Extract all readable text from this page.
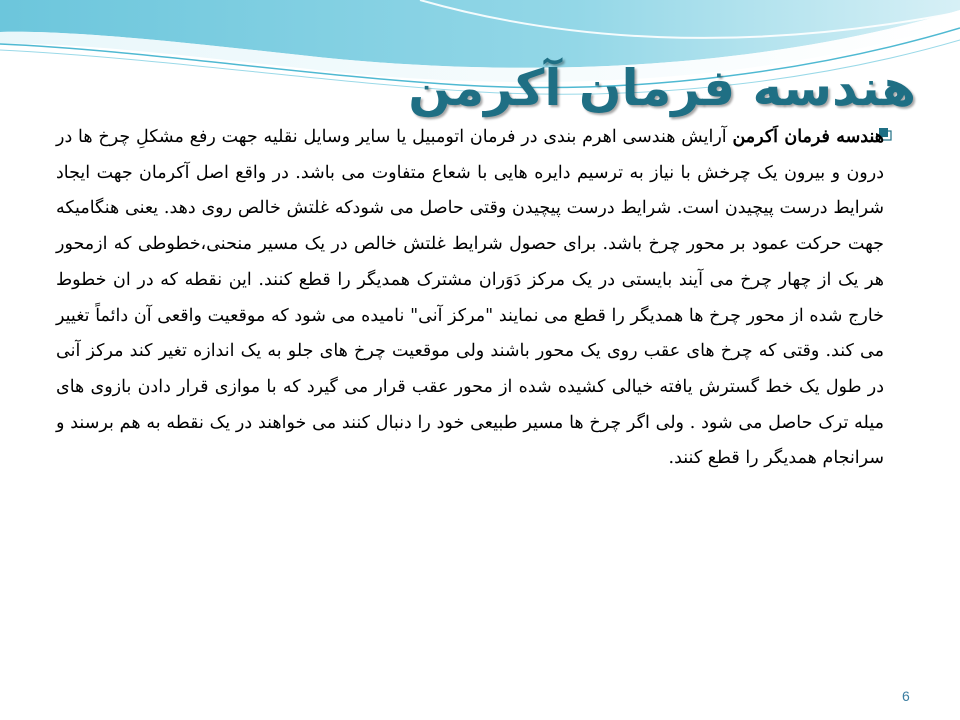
هندسه فرمان آکرمن

هندسه فرمان اَکرمن آرایش هندسی اهرم بندی در فرمان اتومبیل یا سایر وسایل نقلیه جهت رفع مشکلِ چرخ ها در درون و بیرون یک چرخش با نیاز به ترسیم دایره هایی با شعاع متفاوت می باشد. در واقع اصل آکرمان جهت ایجاد شرایط درست پیچیدن است. شرایط درست پیچیدن وقتی حاصل می شودکه غلتش خالص روی دهد. یعنی هنگامیکه جهت حرکت عمود بر محور چرخ باشد. برای حصول شرایط غلتش خالص در یک مسیر منحنی،خطوطی که ازمحور هر یک از چهار چرخ می آیند بایستی در یک مرکز دَوَران مشترک همدیگر را قطع کنند. این نقطه که در ان خطوط خارج شده از محور چرخ ها همدیگر را قطع می نمایند "مرکز آنی" نامیده می شود که موقعیت واقعی آن دائماً تغییر می کند. وقتی که چرخ های عقب روی یک محور باشند ولی موقعیت چرخ های جلو به یک اندازه تغیر کند مرکز آنی در طول یک خط گسترش یافته خیالی کشیده شده از محور عقب قرار می گیرد که با موازی قرار دادن بازوی های میله ترک حاصل می شود . ولی اگر چرخ ها مسیر طبیعی خود را دنبال کنند می خواهند در یک نقطه به هم برسند و سرانجام همدیگر را قطع کنند.

6
